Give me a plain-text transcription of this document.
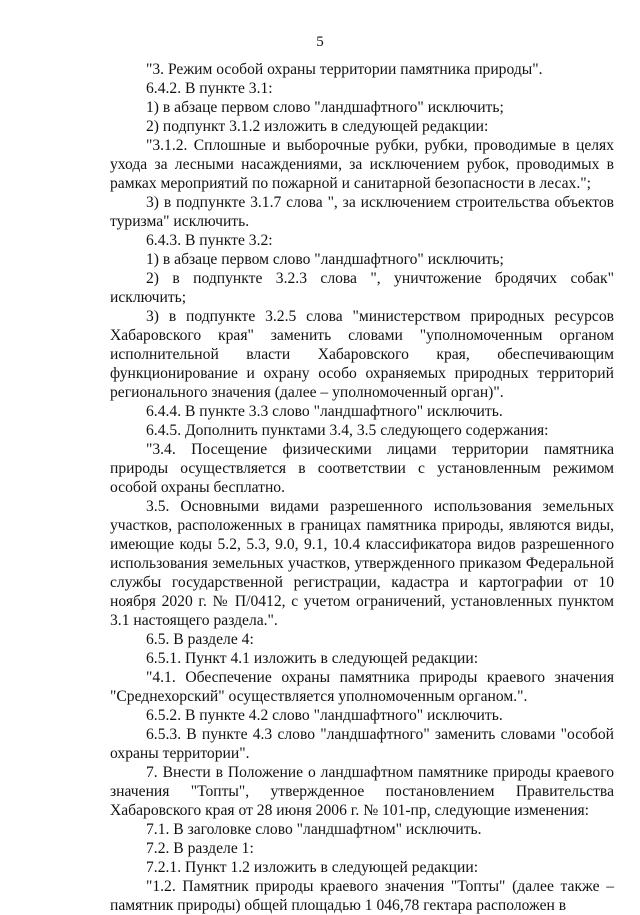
5

"3. Режим особой охраны территории памятника природы".

6.4.2. В пункте 3.1:

1) в абзаце первом слово "ландшафтного" исключить;

2) подпункт 3.1.2 изложить в следующей редакции:

"3.1.2. Сплошные и выборочные рубки, рубки, проводимые в целях ухода за лесными насаждениями, за исключением рубок, проводимых в рамках мероприятий по пожарной и санитарной безопасности в лесах.";

3) в подпункте 3.1.7 слова ", за исключением строительства объектов туризма" исключить.

6.4.3. В пункте 3.2:

1) в абзаце первом слово "ландшафтного" исключить;

2) в подпункте 3.2.3 слова ", уничтожение бродячих собак" исключить;

3) в подпункте 3.2.5 слова "министерством природных ресурсов Хабаровского края" заменить словами "уполномоченным органом исполнительной власти Хабаровского края, обеспечивающим функционирование и охрану особо охраняемых природных территорий регионального значения (далее – уполномоченный орган)".

6.4.4. В пункте 3.3 слово "ландшафтного" исключить.

6.4.5. Дополнить пунктами 3.4, 3.5 следующего содержания:

"3.4. Посещение физическими лицами территории памятника природы осуществляется в соответствии с установленным режимом особой охраны бесплатно.

3.5. Основными видами разрешенного использования земельных участков, расположенных в границах памятника природы, являются виды, имеющие коды 5.2, 5.3, 9.0, 9.1, 10.4 классификатора видов разрешенного использования земельных участков, утвержденного приказом Федеральной службы государственной регистрации, кадастра и картографии от 10 ноября 2020 г. № П/0412, с учетом ограничений, установленных пунктом 3.1 настоящего раздела.".

6.5. В разделе 4:

6.5.1. Пункт 4.1 изложить в следующей редакции:

"4.1. Обеспечение охраны памятника природы краевого значения "Среднехорский" осуществляется уполномоченным органом.".

6.5.2. В пункте 4.2 слово "ландшафтного" исключить.

6.5.3. В пункте 4.3 слово "ландшафтного" заменить словами "особой охраны территории".

7. Внести в Положение о ландшафтном памятнике природы краевого значения "Топты", утвержденное постановлением Правительства Хабаровского края от 28 июня 2006 г. № 101-пр, следующие изменения:

7.1. В заголовке слово "ландшафтном" исключить.

7.2. В разделе 1:

7.2.1. Пункт 1.2 изложить в следующей редакции:

"1.2. Памятник природы краевого значения "Топты" (далее также – памятник природы) общей площадью 1 046,78 гектара расположен в
